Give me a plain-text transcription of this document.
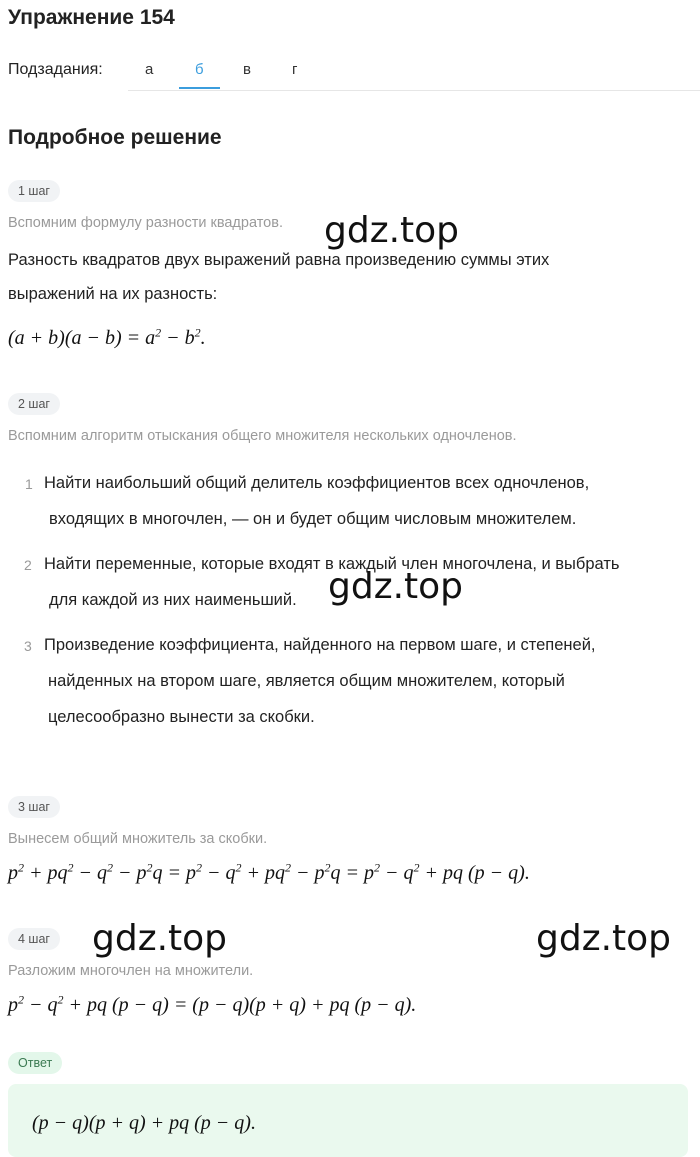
Упражнение 154
Подзадания:	а	б	в	г
Подробное решение
1 шаг
Вспомним формулу разности квадратов.
Разность квадратов двух выражений равна произведению суммы этих
выражений на их разность:
$(a + b)(a - b) = a^2 - b^2$.
2 шаг
Вспомним алгоритм отыскания общего множителя нескольких одночленов.
1 Найти наибольший общий делитель коэффициентов всех одночленов,
входящих в многочлен, — он и будет общим числовым множителем.
2 Найти переменные, которые входят в каждый член многочлена, и выбрать
для каждой из них наименьший.
3 Произведение коэффициента, найденного на первом шаге, и степеней,
найденных на втором шаге, является общим множителем, который
целесообразно вынести за скобки.
3 шаг
Вынесем общий множитель за скобки.
$p^2 + pq^2 - q^2 - p^2q = p^2 - q^2 + pq^2 - p^2q = p^2 - q^2$ + pq (p − q).
4 шаг
Разложим многочлен на множители.
$p^2 - q^2$ + pq (p − q) = (p − q)(p + q) + pq (p − q).
Ответ
(p − q)(p + q) + pq (p − q).
gdz.top
gdz.top
gdz.top	gdz.top
